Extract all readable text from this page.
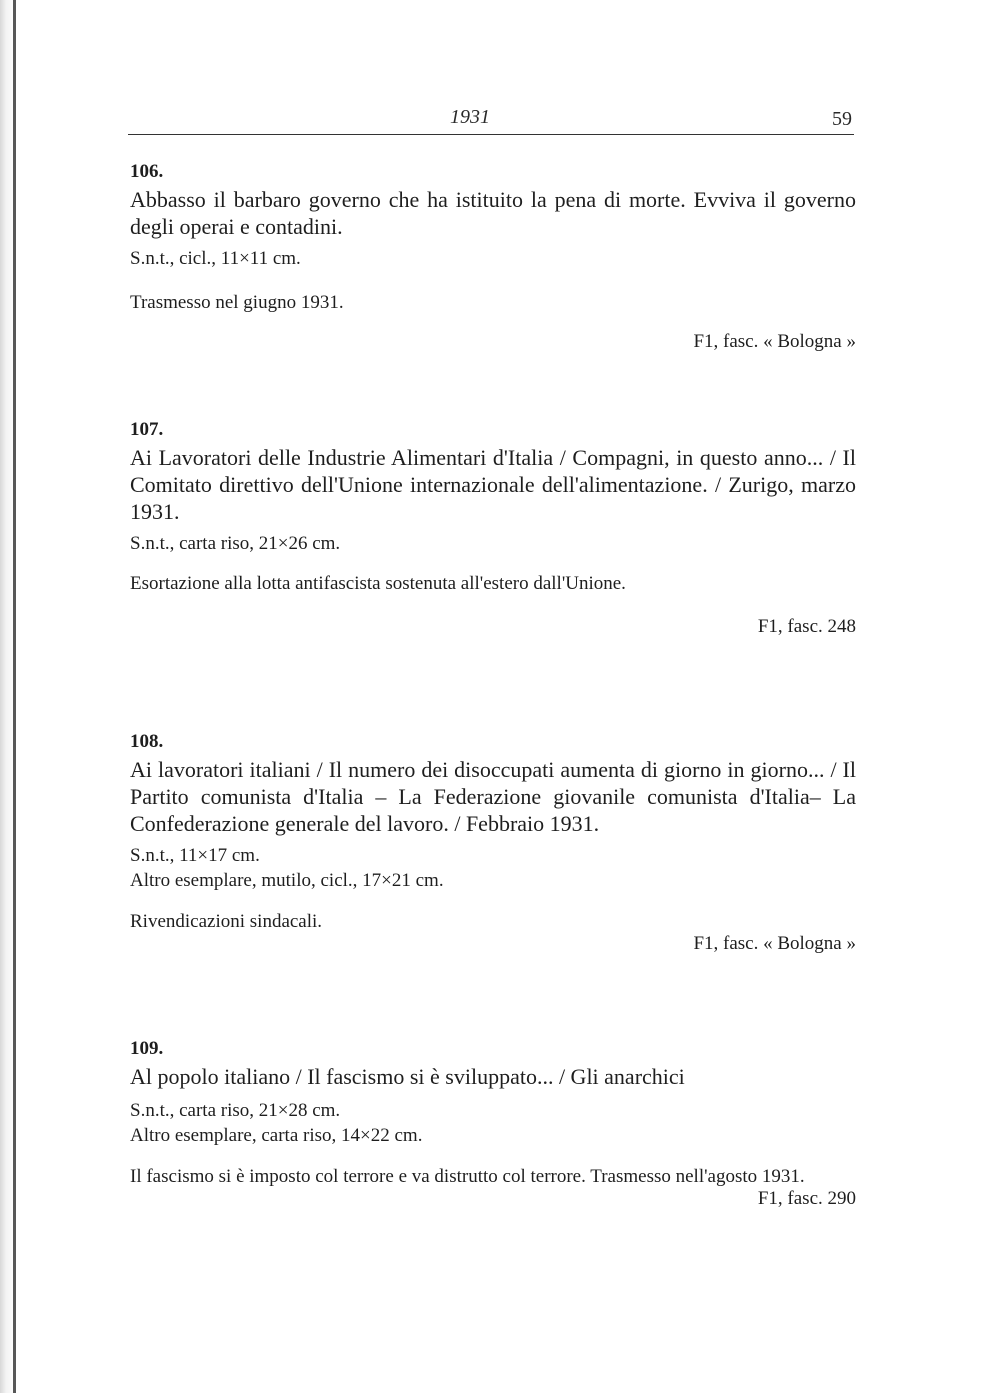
1931	59

106.

Abbasso il barbaro governo che ha istituito la pena di morte. Evviva il governo degli operai e contadini.

S.n.t., cicl., 11×11 cm.

Trasmesso nel giugno 1931.

F1, fasc. « Bologna »

107.

Ai Lavoratori delle Industrie Alimentari d'Italia / Compagni, in questo anno... / Il Comitato direttivo dell'Unione internazionale dell'alimentazione. / Zurigo, marzo 1931.

S.n.t., carta riso, 21×26 cm.

Esortazione alla lotta antifascista sostenuta all'estero dall'Unione.

F1, fasc. 248

108.

Ai lavoratori italiani / Il numero dei disoccupati aumenta di giorno in giorno... / Il Partito comunista d'Italia – La Federazione giovanile comunista d'Italia– La Confederazione generale del lavoro. / Febbraio 1931.

S.n.t., 11×17 cm.

Altro esemplare, mutilo, cicl., 17×21 cm.

Rivendicazioni sindacali.

F1, fasc. « Bologna »

109.

Al popolo italiano / Il fascismo si è sviluppato... / Gli anarchici

S.n.t., carta riso, 21×28 cm.

Altro esemplare, carta riso, 14×22 cm.

Il fascismo si è imposto col terrore e va distrutto col terrore. Trasmesso nell'agosto 1931.

F1, fasc. 290
